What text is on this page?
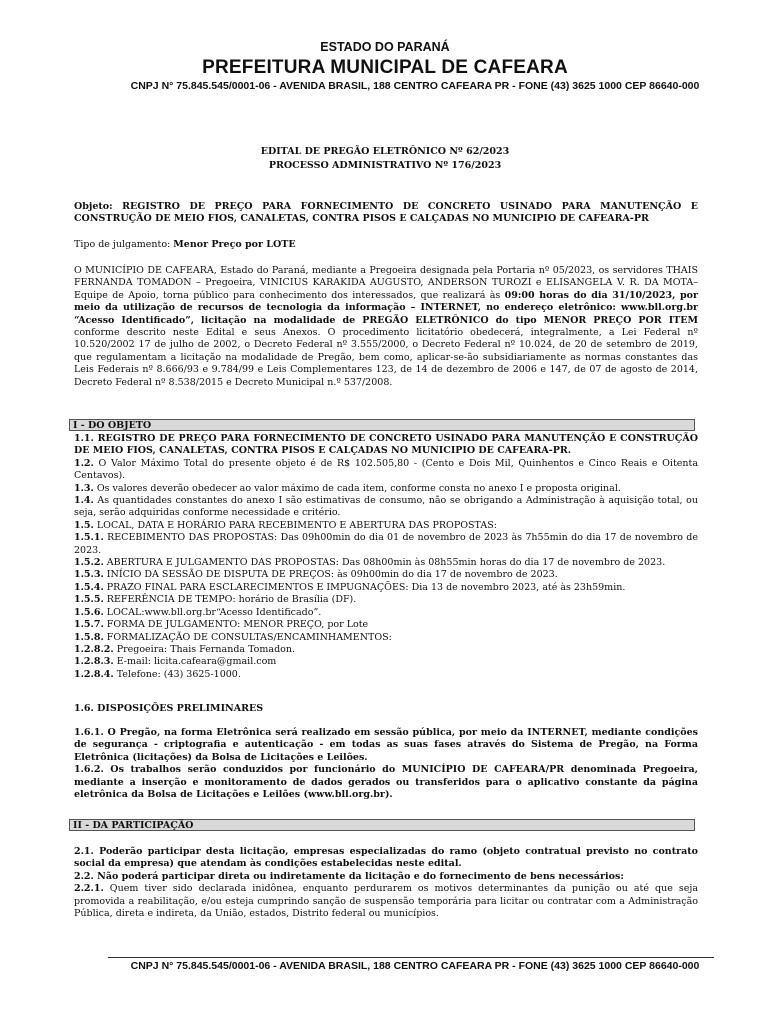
ESTADO DO PARANÁ
PREFEITURA MUNICIPAL DE CAFEARA
CNPJ N° 75.845.545/0001-06 - AVENIDA BRASIL, 188 CENTRO CAFEARA PR - FONE (43) 3625 1000 CEP 86640-000
EDITAL DE PREGÃO ELETRÔNICO Nº 62/2023
PROCESSO ADMINISTRATIVO Nº 176/2023
Objeto: REGISTRO DE PREÇO PARA FORNECIMENTO DE CONCRETO USINADO PARA MANUTENÇÃO E CONSTRUÇÃO DE MEIO FIOS, CANALETAS, CONTRA PISOS E CALÇADAS NO MUNICIPIO DE CAFEARA-PR
Tipo de julgamento: Menor Preço por LOTE
O MUNICÍPIO DE CAFEARA, Estado do Paraná, mediante a Pregoeira designada pela Portaria nº 05/2023, os servidores THAIS FERNANDA TOMADON – Pregoeira, VINICIUS KARAKIDA AUGUSTO, ANDERSON TUROZI e ELISANGELA V. R. DA MOTA– Equipe de Apoio, torna público para conhecimento dos interessados, que realizará às 09:00 horas do dia 31/10/2023, por meio da utilização de recursos de tecnologia da informação – INTERNET, no endereço eletrônico: www.bll.org.br “Acesso Identificado”, licitação na modalidade de PREGÃO ELETRÔNICO do tipo MENOR PREÇO POR ITEM conforme descrito neste Edital e seus Anexos. O procedimento licitatório obedecerá, integralmente, a Lei Federal nº 10.520/2002 17 de julho de 2002, o Decreto Federal nº 3.555/2000, o Decreto Federal nº 10.024, de 20 de setembro de 2019, que regulamentam a licitação na modalidade de Pregão, bem como, aplicar-se-ão subsidiariamente as normas constantes das Leis Federais nº 8.666/93 e 9.784/99 e Leis Complementares 123, de 14 de dezembro de 2006 e 147, de 07 de agosto de 2014, Decreto Federal nº 8.538/2015 e Decreto Municipal n.º 537/2008.
I - DO OBJETO
1.1. REGISTRO DE PREÇO PARA FORNECIMENTO DE CONCRETO USINADO PARA MANUTENÇÃO E CONSTRUÇÃO DE MEIO FIOS, CANALETAS, CONTRA PISOS E CALÇADAS NO MUNICIPIO DE CAFEARA-PR.
1.2. O Valor Máximo Total do presente objeto é de R$ 102.505,80 - (Cento e Dois Mil, Quinhentos e Cinco Reais e Oitenta Centavos).
1.3. Os valores deverão obedecer ao valor máximo de cada item, conforme consta no anexo I e proposta original.
1.4. As quantidades constantes do anexo I são estimativas de consumo, não se obrigando a Administração à aquisição total, ou seja, serão adquiridas conforme necessidade e critério.
1.5. LOCAL, DATA E HORÁRIO PARA RECEBIMENTO E ABERTURA DAS PROPOSTAS:
1.5.1. RECEBIMENTO DAS PROPOSTAS: Das 09h00min do dia 01 de novembro de 2023 às 7h55min do dia 17 de novembro de 2023.
1.5.2. ABERTURA E JULGAMENTO DAS PROPOSTAS: Das 08h00min às 08h55min horas do dia 17 de novembro de 2023.
1.5.3. INÍCIO DA SESSÃO DE DISPUTA DE PREÇOS: às 09h00min do dia 17 de novembro de 2023.
1.5.4. PRAZO FINAL PARA ESCLARECIMENTOS E IMPUGNAÇÕES: Dia 13 de novembro 2023, até às 23h59min.
1.5.5. REFERÊNCIA DE TEMPO: horário de Brasília (DF).
1.5.6. LOCAL:www.bll.org.br“Acesso Identificado”.
1.5.7. FORMA DE JULGAMENTO: MENOR PREÇO, por Lote
1.5.8. FORMALIZAÇÃO DE CONSULTAS/ENCAMINHAMENTOS:
1.2.8.2. Pregoeira: Thais Fernanda Tomadon.
1.2.8.3. E-mail: licita.cafeara@gmail.com
1.2.8.4. Telefone: (43) 3625-1000.
1.6. DISPOSIÇÕES PRELIMINARES
1.6.1. O Pregão, na forma Eletrônica será realizado em sessão pública, por meio da INTERNET, mediante condições de segurança - criptografia e autenticação - em todas as suas fases através do Sistema de Pregão, na Forma Eletrônica (licitações) da Bolsa de Licitações e Leilões.
1.6.2. Os trabalhos serão conduzidos por funcionário do MUNICÍPIO DE CAFEARA/PR denominada Pregoeira, mediante a inserção e monitoramento de dados gerados ou transferidos para o aplicativo constante da página eletrônica da Bolsa de Licitações e Leilões (www.bll.org.br).
II - DA PARTICIPAÇÃO
2.1. Poderão participar desta licitação, empresas especializadas do ramo (objeto contratual previsto no contrato social da empresa) que atendam às condições estabelecidas neste edital.
2.2. Não poderá participar direta ou indiretamente da licitação e do fornecimento de bens necessários:
2.2.1. Quem tiver sido declarada inidônea, enquanto perdurarem os motivos determinantes da punição ou até que seja promovida a reabilitação, e/ou esteja cumprindo sanção de suspensão temporária para licitar ou contratar com a Administração Pública, direta e indireta, da União, estados, Distrito federal ou municípios.
CNPJ N° 75.845.545/0001-06 - AVENIDA BRASIL, 188 CENTRO CAFEARA PR - FONE (43) 3625 1000 CEP 86640-000
